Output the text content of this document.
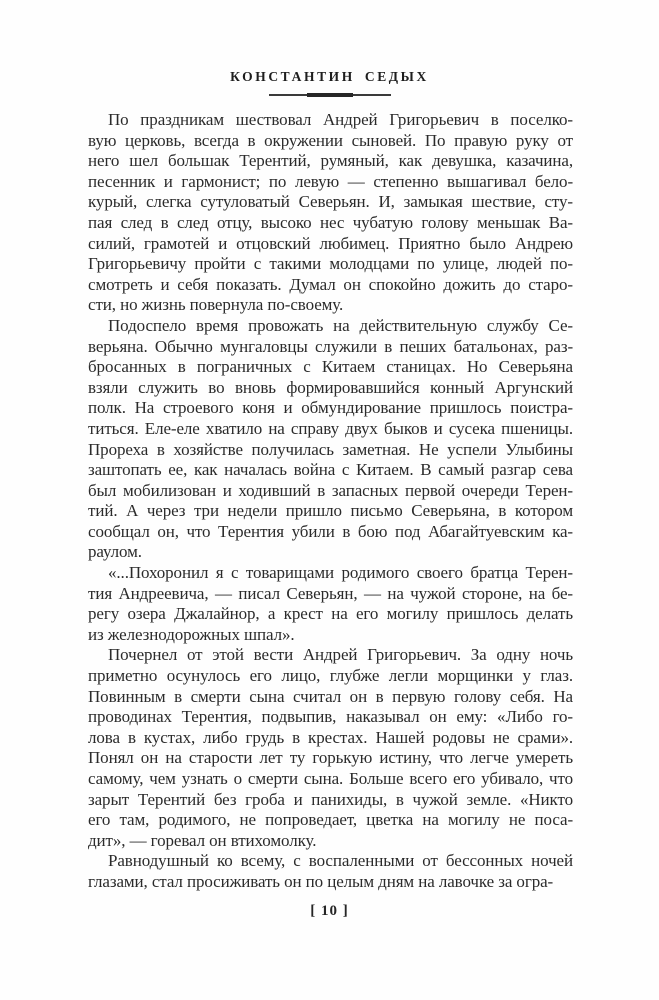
КОНСТАНТИН СЕДЫХ
По праздникам шествовал Андрей Григорьевич в поселко-
вую церковь, всегда в окружении сыновей. По правую руку от
него шел большак Терентий, румяный, как девушка, казачина,
песенник и гармонист; по левую — степенно вышагивал бело-
курый, слегка сутуловатый Северьян. И, замыкая шествие, сту-
пая след в след отцу, высоко нес чубатую голову меньшак Ва-
силий, грамотей и отцовский любимец. Приятно было Андрею
Григорьевичу пройти с такими молодцами по улице, людей по-
смотреть и себя показать. Думал он спокойно дожить до старо-
сти, но жизнь повернула по-своему.
Подоспело время провожать на действительную службу Се-
верьяна. Обычно мунгаловцы служили в пеших батальонах, раз-
бросанных в пограничных с Китаем станицах. Но Северьяна
взяли служить во вновь формировавшийся конный Аргунский
полк. На строевого коня и обмундирование пришлось поистра-
титься. Еле-еле хватило на справу двух быков и сусека пшеницы.
Прореха в хозяйстве получилась заметная. Не успели Улыбины
заштопать ее, как началась война с Китаем. В самый разгар сева
был мобилизован и ходивший в запасных первой очереди Терен-
тий. А через три недели пришло письмо Северьяна, в котором
сообщал он, что Терентия убили в бою под Абагайтуевским ка-
раулом.
«...Похоронил я с товарищами родимого своего братца Терен-
тия Андреевича, — писал Северьян, — на чужой стороне, на бе-
регу озера Джалайнор, а крест на его могилу пришлось делать
из железнодорожных шпал».
Почернел от этой вести Андрей Григорьевич. За одну ночь
приметно осунулось его лицо, глубже легли морщинки у глаз.
Повинным в смерти сына считал он в первую голову себя. На
проводинах Терентия, подвыпив, наказывал он ему: «Либо го-
лова в кустах, либо грудь в крестах. Нашей родовы не срами».
Понял он на старости лет ту горькую истину, что легче умереть
самому, чем узнать о смерти сына. Больше всего его убивало, что
зарыт Терентий без гроба и панихиды, в чужой земле. «Никто
его там, родимого, не попроведает, цветка на могилу не поса-
дит», — горевал он втихомолку.
Равнодушный ко всему, с воспаленными от бессонных ночей
глазами, стал просиживать он по целым дням на лавочке за огра-
[ 10 ]
